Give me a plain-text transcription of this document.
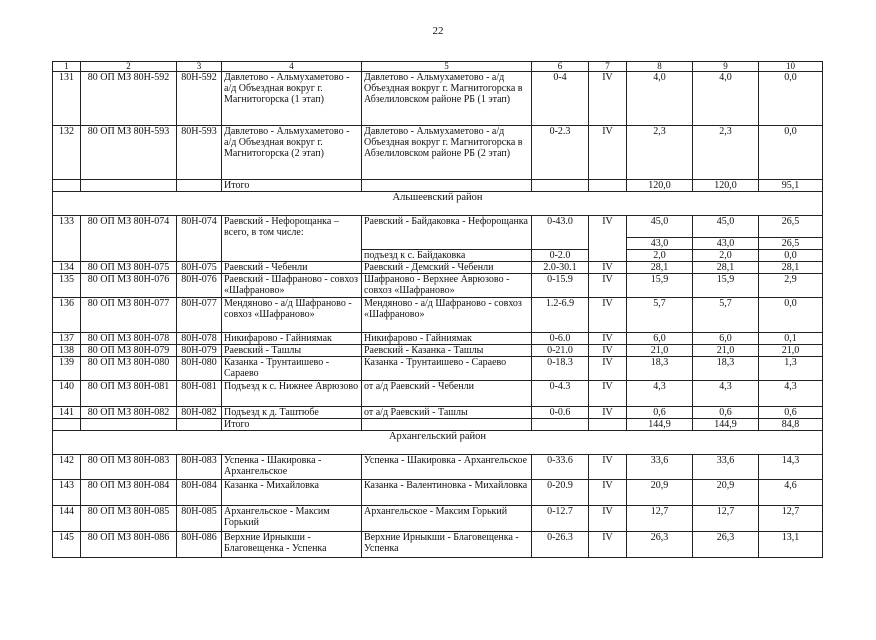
22
1	2	3	4	5	6	7	8	9	10
131	80 ОП МЗ 80Н-592	80Н-592	Давлетово - Альмухаметово - а/д Объездная вокруг г. Магнитогорска (1 этап)	Давлетово - Альмухаметово - а/д Объездная вокруг г. Магнитогорска в Абзелиловском районе РБ (1 этап)	0-4	IV	4,0	4,0	0,0
132	80 ОП МЗ 80Н-593	80Н-593	Давлетово - Альмухаметово - а/д Объездная вокруг г. Магнитогорска (2 этап)	Давлетово - Альмухаметово - а/д Объездная вокруг г. Магнитогорска в Абзелиловском районе РБ (2 этап)	0-2.3	IV	2,3	2,3	0,0
			Итого				120,0	120,0	95,1
Альшеевский район									
133	80 ОП МЗ 80Н-074	80Н-074	Раевский - Нефорощанка – всего, в том числе:	Раевский - Байдаковка - Нефорощанка	0-43.0	IV	45,0	45,0	26,5
							43,0	43,0	26,5
				подъезд к с. Байдаковка	0-2.0		2,0	2,0	0,0
134	80 ОП МЗ 80Н-075	80Н-075	Раевский - Чебенли	Раевский - Демский - Чебенли	2.0-30.1	IV	28,1	28,1	28,1
135	80 ОП МЗ 80Н-076	80Н-076	Раевский - Шафраново - совхоз «Шафраново»	Шафраново - Верхнее Аврюзово - совхоз «Шафраново»	0-15.9	IV	15,9	15,9	2,9
136	80 ОП МЗ 80Н-077	80Н-077	Мендяново - а/д Шафраново - совхоз «Шафраново»	Мендяново - а/д Шафраново - совхоз «Шафраново»	1.2-6.9	IV	5,7	5,7	0,0
137	80 ОП МЗ 80Н-078	80Н-078	Никифарово - Гайниямак	Никифарово - Гайниямак	0-6.0	IV	6,0	6,0	0,1
138	80 ОП МЗ 80Н-079	80Н-079	Раевский - Ташлы	Раевский - Казанка - Ташлы	0-21.0	IV	21,0	21,0	21,0
139	80 ОП МЗ 80Н-080	80Н-080	Казанка - Трунтаишево - Сараево	Казанка - Трунтаишево - Сараево	0-18.3	IV	18,3	18,3	1,3
140	80 ОП МЗ 80Н-081	80Н-081	Подъезд к с. Нижнее Аврюзово	от а/д Раевский - Чебенли	0-4.3	IV	4,3	4,3	4,3
141	80 ОП МЗ 80Н-082	80Н-082	Подъезд к д. Таштюбе	от а/д Раевский - Ташлы	0-0.6	IV	0,6	0,6	0,6
			Итого				144,9	144,9	84,8
Архангельский район									
142	80 ОП МЗ 80Н-083	80Н-083	Успенка - Шакировка - Архангельское	Успенка - Шакировка - Архангельское	0-33.6	IV	33,6	33,6	14,3
143	80 ОП МЗ 80Н-084	80Н-084	Казанка - Михайловка	Казанка - Валентиновка - Михайловка	0-20.9	IV	20,9	20,9	4,6
144	80 ОП МЗ 80Н-085	80Н-085	Архангельское - Максим Горький	Архангельское - Максим Горький	0-12.7	IV	12,7	12,7	12,7
145	80 ОП МЗ 80Н-086	80Н-086	Верхние Ирныкши - Благовещенка - Успенка	Верхние Ирныкши - Благовещенка - Успенка	0-26.3	IV	26,3	26,3	13,1
